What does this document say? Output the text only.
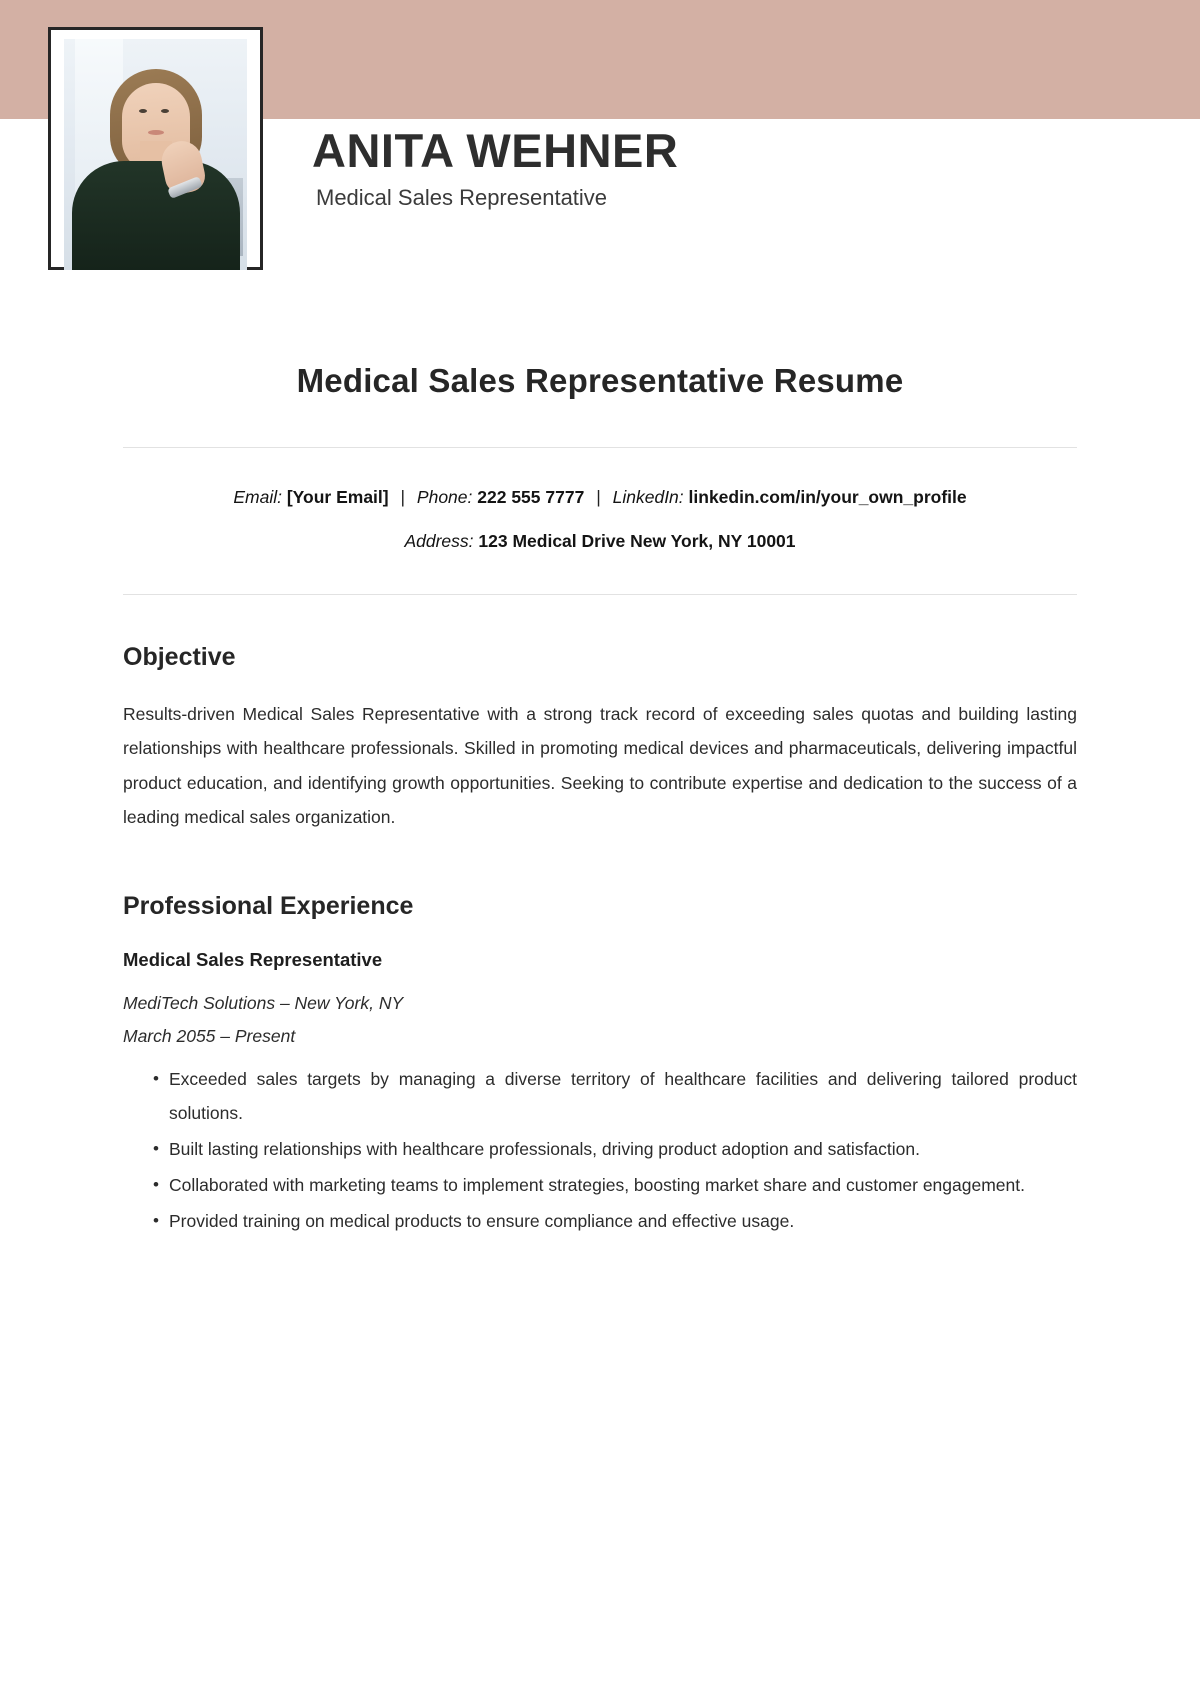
ANITA WEHNER
Medical Sales Representative
Medical Sales Representative Resume

Email: [Your Email] | Phone: 222 555 7777 | LinkedIn: linkedin.com/in/your_own_profile

Address: 123 Medical Drive New York, NY 10001

Objective

Results-driven Medical Sales Representative with a strong track record of exceeding sales quotas and building lasting relationships with healthcare professionals. Skilled in promoting medical devices and pharmaceuticals, delivering impactful product education, and identifying growth opportunities. Seeking to contribute expertise and dedication to the success of a leading medical sales organization.

Professional Experience
Medical Sales Representative
MediTech Solutions – New York, NY
March 2055 – Present
• Exceeded sales targets by managing a diverse territory of healthcare facilities and delivering tailored product solutions.
• Built lasting relationships with healthcare professionals, driving product adoption and satisfaction.
• Collaborated with marketing teams to implement strategies, boosting market share and customer engagement.
• Provided training on medical products to ensure compliance and effective usage.
